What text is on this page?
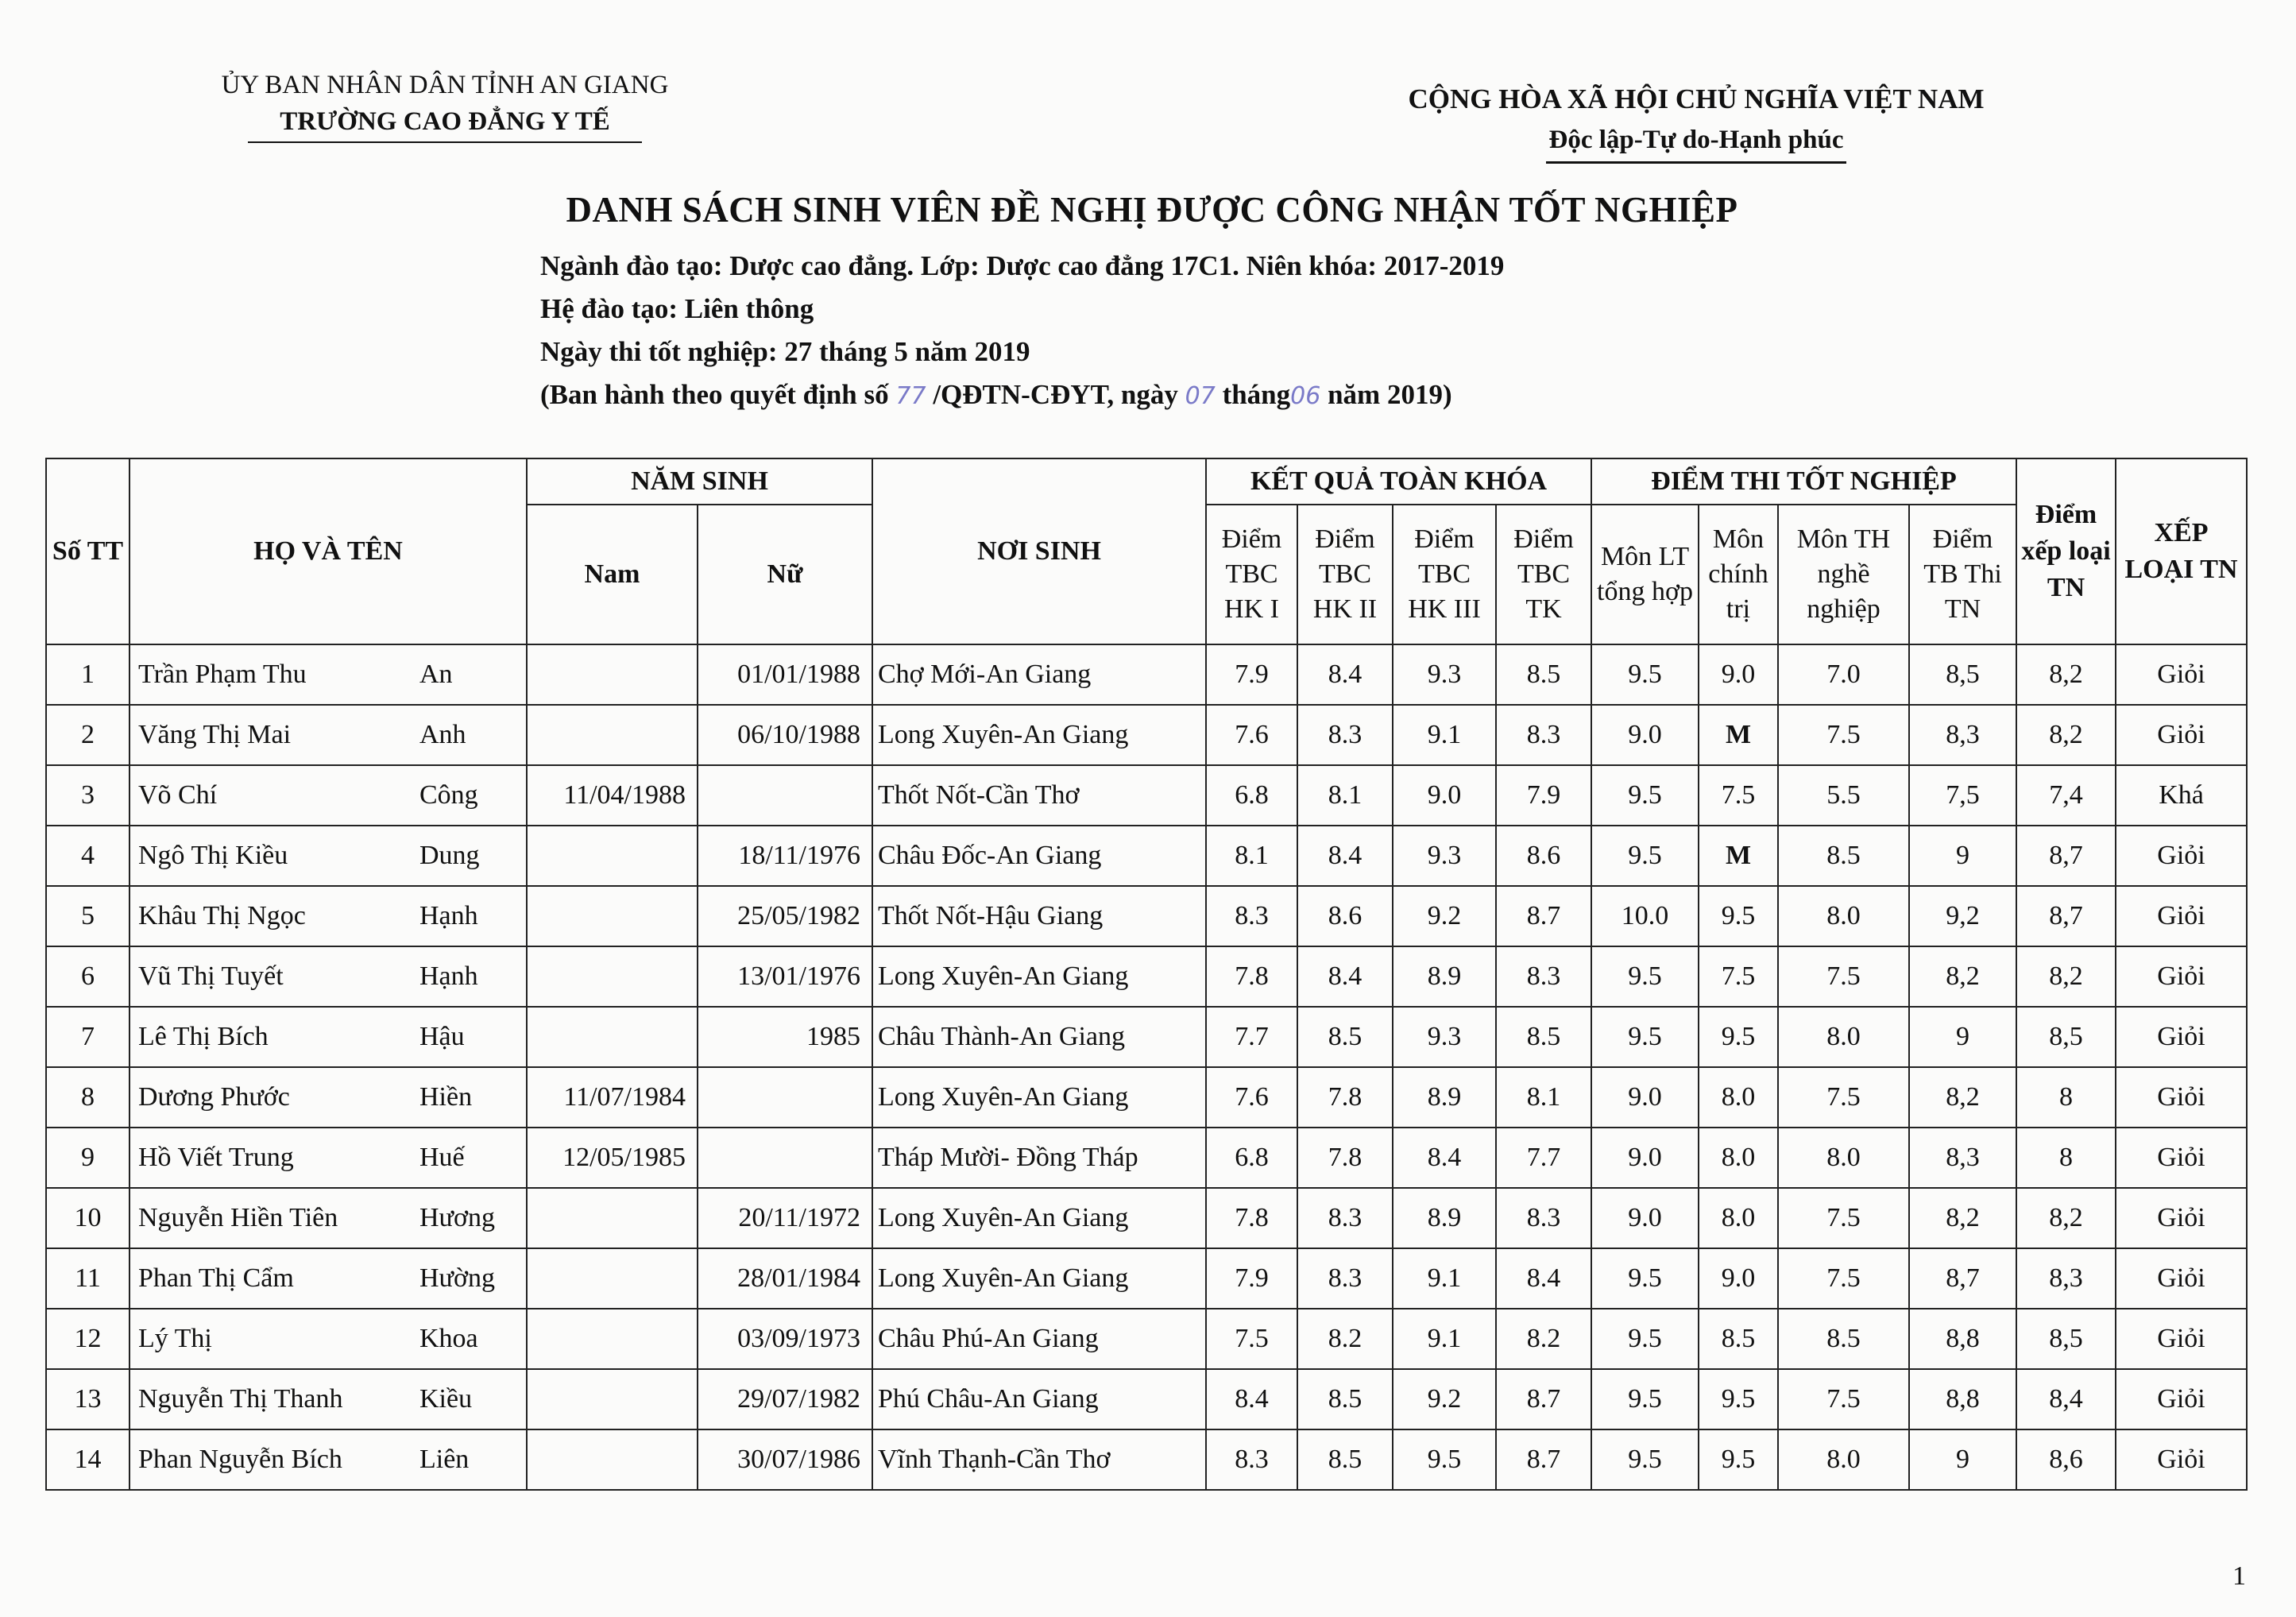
ỦY BAN NHÂN DÂN TỈNH AN GIANG
TRƯỜNG CAO ĐẲNG Y TẾ
CỘNG HÒA XÃ HỘI CHỦ NGHĨA VIỆT NAM
Độc lập-Tự do-Hạnh phúc
DANH SÁCH SINH VIÊN ĐỀ NGHỊ ĐƯỢC CÔNG NHẬN TỐT NGHIỆP
Ngành đào tạo: Dược cao đẳng. Lớp: Dược cao đẳng 17C1. Niên khóa: 2017-2019
Hệ đào tạo: Liên thông
Ngày thi tốt nghiệp: 27 tháng 5 năm 2019
(Ban hành theo quyết định số 77 /QĐTN-CĐYT, ngày 07 tháng06 năm 2019)
Số TT	HỌ VÀ TÊN		NĂM SINH		NƠI SINH	KẾT QUẢ TOÀN KHÓA				ĐIỂM THI TỐT NGHIỆP				Điểm xếp loại TN	XẾP LOẠI TN
			Nam	Nữ		Điểm TBC HK I	Điểm TBC HK II	Điểm TBC HK III	Điểm TBC TK	Môn LT tổng hợp	Môn chính trị	Môn TH nghề nghiệp	Điểm TB Thi TN		
1	Trần Phạm Thu	An		01/01/1988	Chợ Mới-An Giang	7.9	8.4	9.3	8.5	9.5	9.0	7.0	8,5	8,2	Giỏi
2	Văng Thị Mai	Anh		06/10/1988	Long Xuyên-An Giang	7.6	8.3	9.1	8.3	9.0	M	7.5	8,3	8,2	Giỏi
3	Võ Chí	Công	11/04/1988		Thốt Nốt-Cần Thơ	6.8	8.1	9.0	7.9	9.5	7.5	5.5	7,5	7,4	Khá
4	Ngô Thị Kiều	Dung		18/11/1976	Châu Đốc-An Giang	8.1	8.4	9.3	8.6	9.5	M	8.5	9	8,7	Giỏi
5	Khâu Thị Ngọc	Hạnh		25/05/1982	Thốt Nốt-Hậu Giang	8.3	8.6	9.2	8.7	10.0	9.5	8.0	9,2	8,7	Giỏi
6	Vũ Thị Tuyết	Hạnh		13/01/1976	Long Xuyên-An Giang	7.8	8.4	8.9	8.3	9.5	7.5	7.5	8,2	8,2	Giỏi
7	Lê Thị Bích	Hậu		1985	Châu Thành-An Giang	7.7	8.5	9.3	8.5	9.5	9.5	8.0	9	8,5	Giỏi
8	Dương Phước	Hiền	11/07/1984		Long Xuyên-An Giang	7.6	7.8	8.9	8.1	9.0	8.0	7.5	8,2	8	Giỏi
9	Hồ Viết Trung	Huế	12/05/1985		Tháp Mười- Đồng Tháp	6.8	7.8	8.4	7.7	9.0	8.0	8.0	8,3	8	Giỏi
10	Nguyễn Hiền Tiên	Hương		20/11/1972	Long Xuyên-An Giang	7.8	8.3	8.9	8.3	9.0	8.0	7.5	8,2	8,2	Giỏi
11	Phan Thị Cẩm	Hường		28/01/1984	Long Xuyên-An Giang	7.9	8.3	9.1	8.4	9.5	9.0	7.5	8,7	8,3	Giỏi
12	Lý Thị	Khoa		03/09/1973	Châu Phú-An Giang	7.5	8.2	9.1	8.2	9.5	8.5	8.5	8,8	8,5	Giỏi
13	Nguyễn Thị Thanh	Kiều		29/07/1982	Phú Châu-An Giang	8.4	8.5	9.2	8.7	9.5	9.5	7.5	8,8	8,4	Giỏi
14	Phan Nguyễn Bích	Liên		30/07/1986	Vĩnh Thạnh-Cần Thơ	8.3	8.5	9.5	8.7	9.5	9.5	8.0	9	8,6	Giỏi
1
